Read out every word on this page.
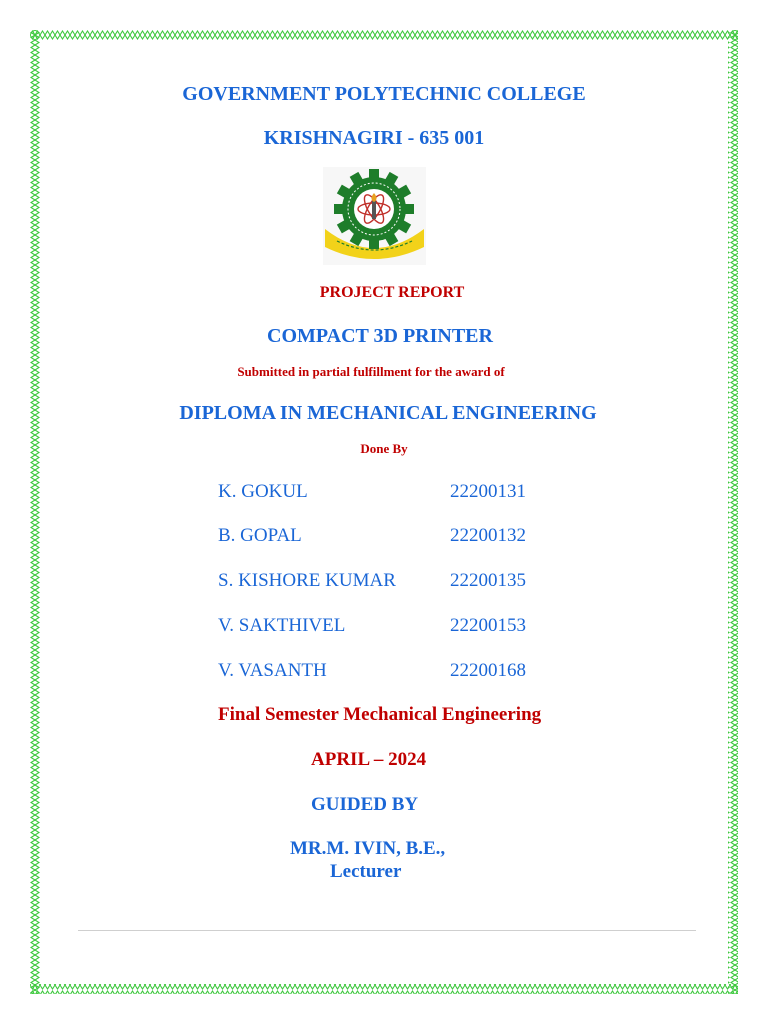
GOVERNMENT POLYTECHNIC COLLEGE
KRISHNAGIRI - 635 001
PROJECT REPORT
COMPACT 3D PRINTER
Submitted in partial fulfillment for the award of
DIPLOMA IN MECHANICAL ENGINEERING
Done By
K. GOKUL	22200131
B. GOPAL	22200132
S. KISHORE KUMAR	22200135
V. SAKTHIVEL	22200153
V. VASANTH	22200168
Final Semester Mechanical Engineering
APRIL – 2024
GUIDED BY
MR.M. IVIN, B.E.,
Lecturer
